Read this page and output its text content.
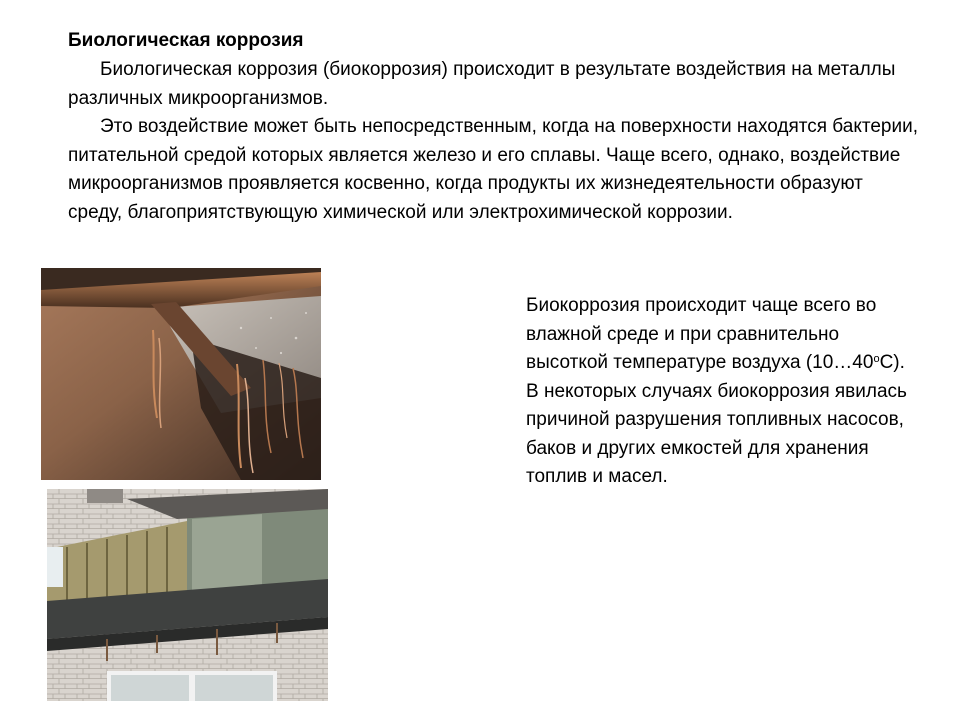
Биологическая коррозия

Биологическая коррозия (биокоррозия) происходит в результате воздействия на металлы различных микроорганизмов.

Это воздействие может быть непосредственным, когда на поверхности находятся бактерии, питательной средой которых является железо и его сплавы. Чаще всего, однако, воздействие микроорганизмов проявляется косвенно, когда продукты их жизнедеятельности образуют среду, благоприятствующую химической или электрохимической коррозии.

Биокоррозия происходит чаще всего во влажной среде и при сравнительно высоткой температуре воздуха $(10\dots 40^оС)$.
В некоторых случаях биокоррозия явилась причиной разрушения топливных насосов, баков и других емкостей для хранения топлив и масел.
